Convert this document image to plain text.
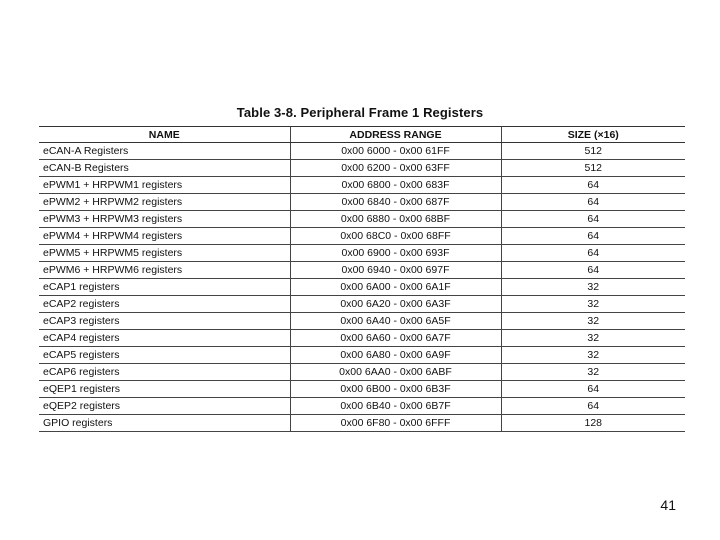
Table 3-8. Peripheral Frame 1 Registers
NAME	ADDRESS RANGE	SIZE (×16)
eCAN-A Registers	0x00 6000 - 0x00 61FF	512
eCAN-B Registers	0x00 6200 - 0x00 63FF	512
ePWM1 + HRPWM1 registers	0x00 6800 - 0x00 683F	64
ePWM2 + HRPWM2 registers	0x00 6840 - 0x00 687F	64
ePWM3 + HRPWM3 registers	0x00 6880 - 0x00 68BF	64
ePWM4 + HRPWM4 registers	0x00 68C0 - 0x00 68FF	64
ePWM5 + HRPWM5 registers	0x00 6900 - 0x00 693F	64
ePWM6 + HRPWM6 registers	0x00 6940 - 0x00 697F	64
eCAP1 registers	0x00 6A00 - 0x00 6A1F	32
eCAP2 registers	0x00 6A20 - 0x00 6A3F	32
eCAP3 registers	0x00 6A40 - 0x00 6A5F	32
eCAP4 registers	0x00 6A60 - 0x00 6A7F	32
eCAP5 registers	0x00 6A80 - 0x00 6A9F	32
eCAP6 registers	0x00 6AA0 - 0x00 6ABF	32
eQEP1 registers	0x00 6B00 - 0x00 6B3F	64
eQEP2 registers	0x00 6B40 - 0x00 6B7F	64
GPIO registers	0x00 6F80 - 0x00 6FFF	128
41
